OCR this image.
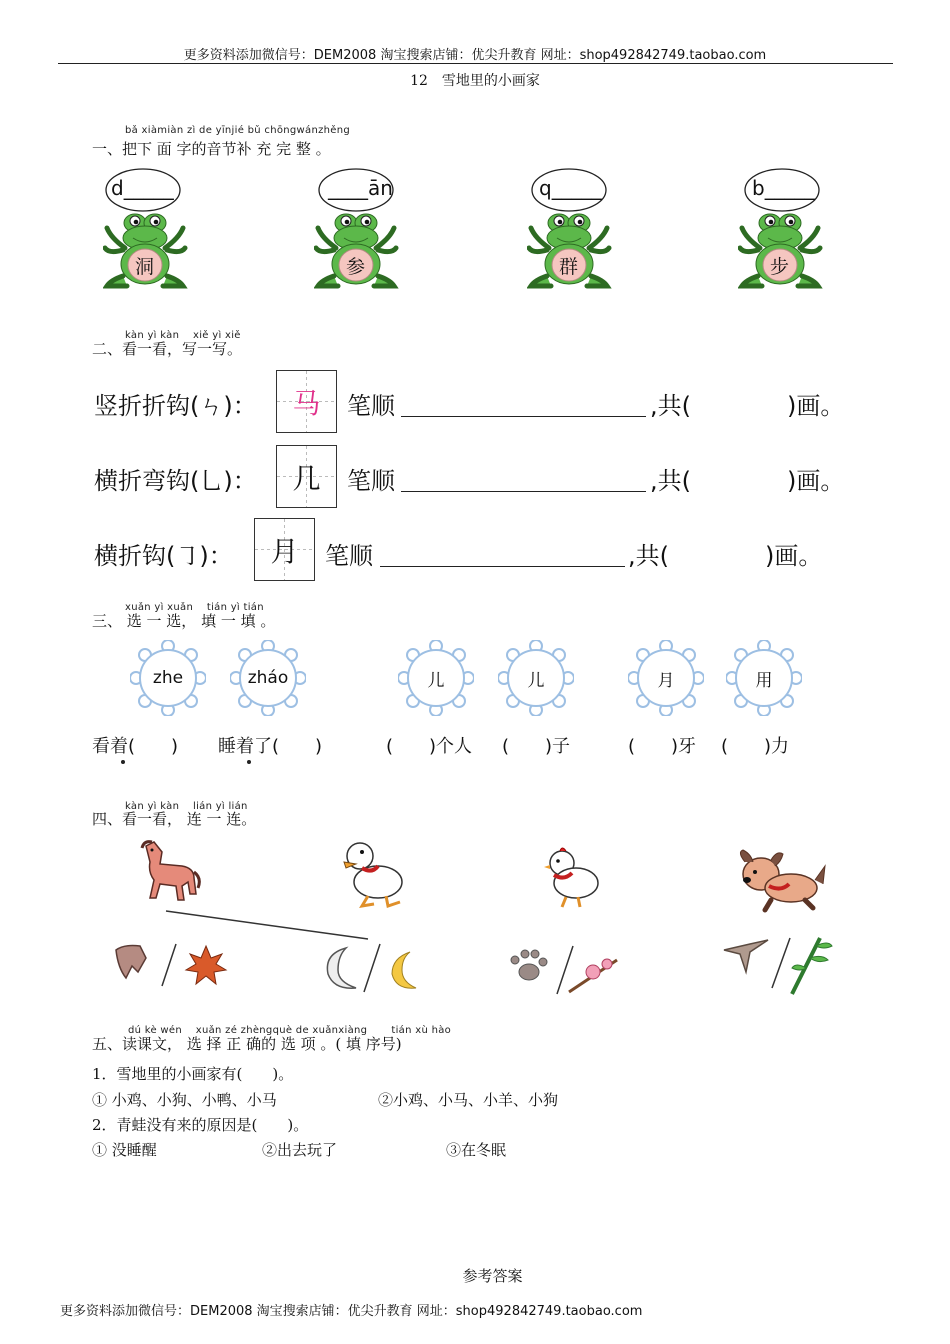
更多资料添加微信号：DEM2008 淘宝搜索店铺：优尖升教育 网址：shop492842749.taobao.com
12　雪地里的小画家
bǎ xiàmiàn zì de yīnjié bǔ chōngwánzhěng
一、把下 面 字的音节补 充 完 整 。
d_____
洞
____ān
参
q_____
群
b_____
步
kàn yì kàn　 xiě yì xiě
二、看一看，写一写。
竖折折钩(ㄣ)：	马	笔顺	,共(	)画。
横折弯钩(乚)：	几	笔顺	,共(	)画。
横折钩(㇆)：	月	笔顺	,共(	)画。
xuǎn yì xuǎn　 tián yì tián
三、 选 一 选， 填 一 填 。
zhe	zháo	儿	儿	月	用
看着(　　) 睡着了(　　)	(　　)个人 (　　)子	(　　)牙 (　　)力
kàn yì kàn　 lián yì lián
四、看一看， 连 一 连。
dú kè wén　 xuǎn zé zhèngquè de xuǎnxiàng　　 tián xù hào
五、读课文， 选 择 正 确的 选 项 。( 填 序号)
1．雪地里的小画家有(　　)。
① 小鸡、小狗、小鸭、小马	②小鸡、小马、小羊、小狗
2．青蛙没有来的原因是(　　)。
① 没睡醒	②出去玩了	③在冬眠
参考答案
更多资料添加微信号：DEM2008 淘宝搜索店铺：优尖升教育 网址：shop492842749.taobao.com
